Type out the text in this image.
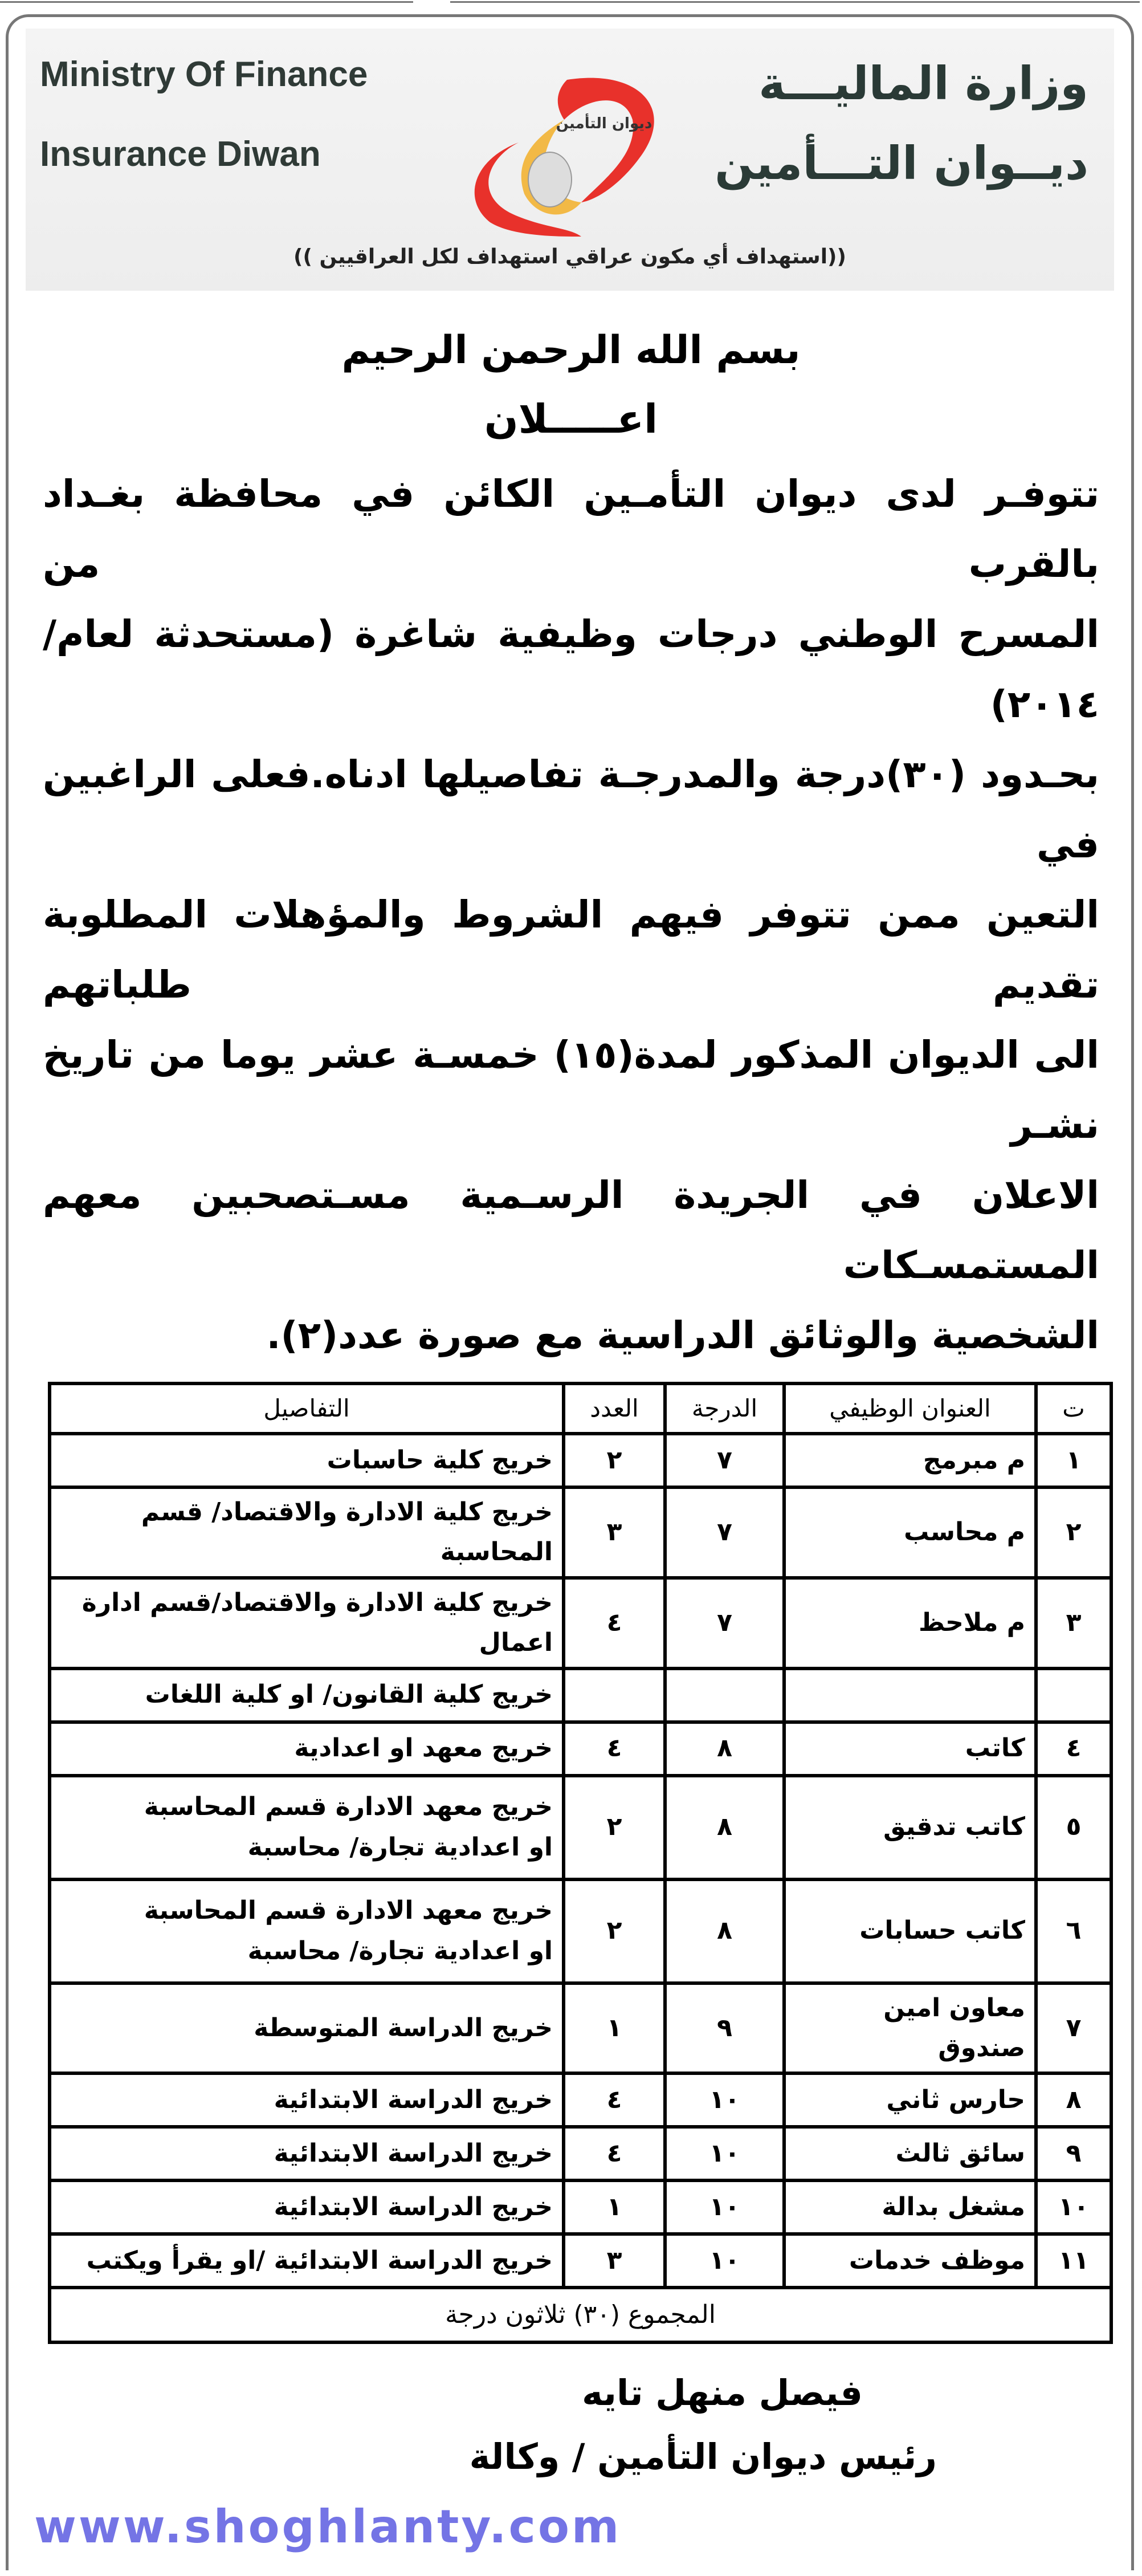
Ministry Of Finance
Insurance Diwan
وزارة الماليـــة
ديــوان التـــأمين
ديوان التأمين
((استهداف أي مكون عراقي استهداف لكل العراقيين ))
بسم الله الرحمن الرحيم
اعـــــلان
تتوفـر لدى ديوان التأمـين الكائن في محافظة بغـداد بالقرب من
المسرح الوطني درجات وظيفية شاغرة (مستحدثة لعام/ ٢٠١٤)
بحـدود (٣٠)درجة والمدرجـة تفاصيلها ادناه.فعلى الراغبين في
التعين ممن تتوفر فيهم الشروط والمؤهلات المطلوبة تقديم طلباتهم
الى الديوان المذكور لمدة(١٥) خمسـة عشر يوما من تاريخ نشـر
الاعلان في الجريدة الرسـمية مسـتصحبين معهم المستمسـكات
الشخصية والوثائق الدراسية مع صورة عدد(٢).
ت	العنوان الوظيفي	الدرجة	العدد	التفاصيل
١	م مبرمج	٧	٢	خريج كلية حاسبات

٢	م محاسب	٧	٣	خريج كلية الادارة والاقتصاد/ قسم المحاسبة

٣	م ملاحظ	٧	٤	خريج كلية الادارة والاقتصاد/قسم ادارة اعمال

				خريج كلية القانون/ او كلية اللغات

٤	كاتب	٨	٤	خريج معهد او اعدادية

٥	كاتب تدقيق	٨	٢	خريج معهد الادارة قسم المحاسبة
او اعدادية تجارة/ محاسبة

٦	كاتب حسابات	٨	٢	خريج معهد الادارة قسم المحاسبة
او اعدادية تجارة/ محاسبة

٧	معاون امين صندوق	٩	١	خريج الدراسة المتوسطة

٨	حارس ثاني	١٠	٤	خريج الدراسة الابتدائية

٩	سائق ثالث	١٠	٤	خريج الدراسة الابتدائية

١٠	مشغل بدالة	١٠	١	خريج الدراسة الابتدائية

١١	موظف خدمات	١٠	٣	خريج الدراسة الابتدائية /او يقرأ ويكتب

المجموع (٣٠) ثلاثون درجة				
فيصل منهل تايه
رئيس ديوان التأمين / وكالة
www.shoghlanty.com
